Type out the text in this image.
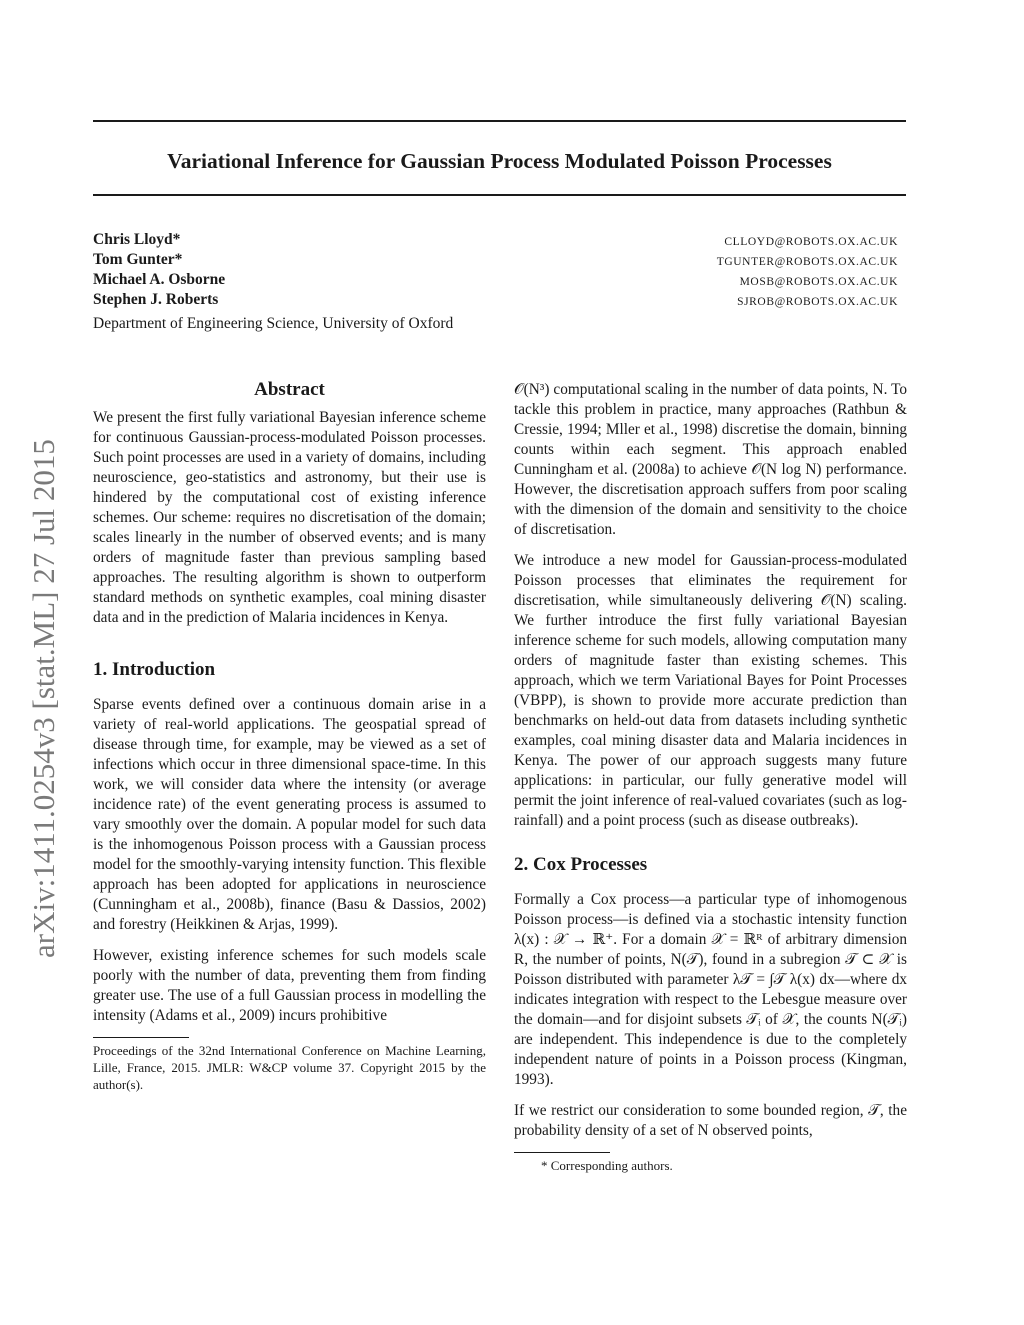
Variational Inference for Gaussian Process Modulated Poisson Processes
Chris Lloyd*
Tom Gunter*
Michael A. Osborne
Stephen J. Roberts
CLLOYD@ROBOTS.OX.AC.UK
TGUNTER@ROBOTS.OX.AC.UK
MOSB@ROBOTS.OX.AC.UK
SJROB@ROBOTS.OX.AC.UK
Department of Engineering Science, University of Oxford
arXiv:1411.0254v3 [stat.ML] 27 Jul 2015
Abstract

We present the first fully variational Bayesian inference scheme for continuous Gaussian-process-modulated Poisson processes. Such point processes are used in a variety of domains, including neuroscience, geo-statistics and astronomy, but their use is hindered by the computational cost of existing inference schemes. Our scheme: requires no discretisation of the domain; scales linearly in the number of observed events; and is many orders of magnitude faster than previous sampling based approaches. The resulting algorithm is shown to outperform standard methods on synthetic examples, coal mining disaster data and in the prediction of Malaria incidences in Kenya.

1. Introduction

Sparse events defined over a continuous domain arise in a variety of real-world applications. The geospatial spread of disease through time, for example, may be viewed as a set of infections which occur in three dimensional space-time. In this work, we will consider data where the intensity (or average incidence rate) of the event generating process is assumed to vary smoothly over the domain. A popular model for such data is the inhomogenous Poisson process with a Gaussian process model for the smoothly-varying intensity function. This flexible approach has been adopted for applications in neuroscience (Cunningham et al., 2008b), finance (Basu & Dassios, 2002) and forestry (Heikkinen & Arjas, 1999).

However, existing inference schemes for such models scale poorly with the number of data, preventing them from finding greater use. The use of a full Gaussian process in modelling the intensity (Adams et al., 2009) incurs prohibitive

Proceedings of the 32nd International Conference on Machine Learning, Lille, France, 2015. JMLR: W&CP volume 37. Copyright 2015 by the author(s).

𝒪(N³) computational scaling in the number of data points, N. To tackle this problem in practice, many approaches (Rathbun & Cressie, 1994; Mller et al., 1998) discretise the domain, binning counts within each segment. This approach enabled Cunningham et al. (2008a) to achieve 𝒪(N log N) performance. However, the discretisation approach suffers from poor scaling with the dimension of the domain and sensitivity to the choice of discretisation.

We introduce a new model for Gaussian-process-modulated Poisson processes that eliminates the requirement for discretisation, while simultaneously delivering 𝒪(N) scaling. We further introduce the first fully variational Bayesian inference scheme for such models, allowing computation many orders of magnitude faster than existing schemes. This approach, which we term Variational Bayes for Point Processes (VBPP), is shown to provide more accurate prediction than benchmarks on held-out data from datasets including synthetic examples, coal mining disaster data and Malaria incidences in Kenya. The power of our approach suggests many future applications: in particular, our fully generative model will permit the joint inference of real-valued covariates (such as log-rainfall) and a point process (such as disease outbreaks).

2. Cox Processes

Formally a Cox process—a particular type of inhomogenous Poisson process—is defined via a stochastic intensity function λ(x) : 𝒳 → ℝ⁺. For a domain 𝒳 = ℝᴿ of arbitrary dimension R, the number of points, N(𝒯), found in a subregion 𝒯 ⊂ 𝒳 is Poisson distributed with parameter λ𝒯 = ∫𝒯 λ(x) dx—where dx indicates integration with respect to the Lebesgue measure over the domain—and for disjoint subsets 𝒯ᵢ of 𝒳, the counts N(𝒯ᵢ) are independent. This independence is due to the completely independent nature of points in a Poisson process (Kingman, 1993).

If we restrict our consideration to some bounded region, 𝒯, the probability density of a set of N observed points,

* Corresponding authors.
